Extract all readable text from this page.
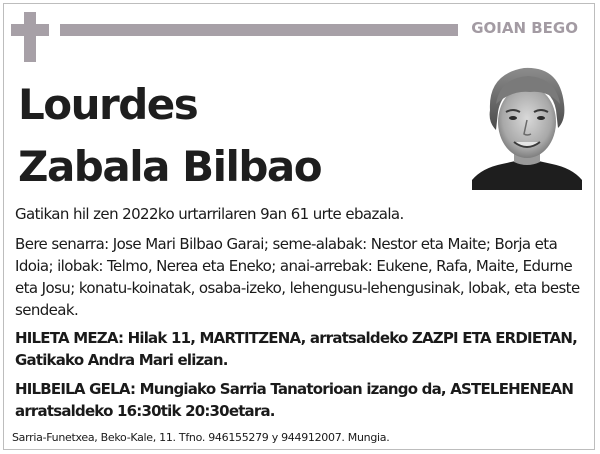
GOIAN BEGO
Lourdes
Zabala Bilbao
Gatikan hil zen 2022ko urtarrilaren 9an 61 urte ebazala.
Bere senarra: Jose Mari Bilbao Garai; seme-alabak: Nestor eta Maite; Borja eta Idoia; ilobak: Telmo, Nerea eta Eneko; anai-arrebak: Eukene, Rafa, Maite, Edurne eta Josu; konatu-koinatak, osaba-izeko, lehengusu-lehengusinak, lobak, eta beste sendeak.
HILETA MEZA: Hilak 11, MARTITZENA, arratsaldeko ZAZPI ETA ERDIETAN, Gatikako Andra Mari elizan.
HILBEILA GELA: Mungiako Sarria Tanatorioan izango da, ASTELEHENEAN arratsaldeko 16:30tik 20:30etara.
Sarria-Funetxea, Beko-Kale, 11. Tfno. 946155279 y 944912007. Mungia.
